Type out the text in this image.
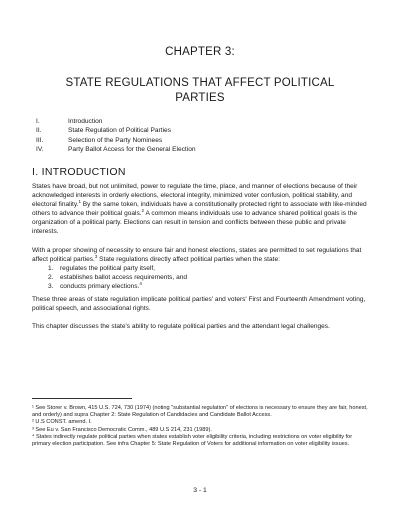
CHAPTER 3:
STATE REGULATIONS THAT AFFECT POLITICAL PARTIES
I.	Introduction
II.	State Regulation of Political Parties
III.	Selection of the Party Nominees
IV.	Party Ballot Access for the General Election
I. INTRODUCTION
States have broad, but not unlimited, power to regulate the time, place, and manner of elections because of their acknowledged interests in orderly elections, electoral integrity, minimized voter confusion, political stability, and electoral finality.$^1$ By the same token, individuals have a constitutionally protected right to associate with like-minded others to advance their political goals.$^2$ A common means individuals use to advance shared political goals is the organization of a political party. Elections can result in tension and conflicts between these public and private interests.
With a proper showing of necessity to ensure fair and honest elections, states are permitted to set regulations that affect political parties.$^3$ State regulations directly affect political parties when the state:
1. regulates the political party itself,
2. establishes ballot access requirements, and
3. conducts primary elections.$^4$
These three areas of state regulation implicate political parties' and voters' First and Fourteenth Amendment voting, political speech, and associational rights.
This chapter discusses the state's ability to regulate political parties and the attendant legal challenges.
¹ See Storer v. Brown, 415 U.S. 724, 730 (1974) (noting "substantial regulation" of elections is necessary to ensure they are fair, honest, and orderly) and supra Chapter 2: State Regulation of Candidacies and Candidate Ballot Access.
² U.S CONST. amend. I.
³ See Eu v. San Francisco Democratic Comm., 489 U.S 214, 231 (1989).
⁴ States indirectly regulate political parties when states establish voter eligibility criteria, including restrictions on voter eligibility for primary election participation. See infra Chapter 5: State Regulation of Voters for additional information on voter eligibility issues.
3 - 1
